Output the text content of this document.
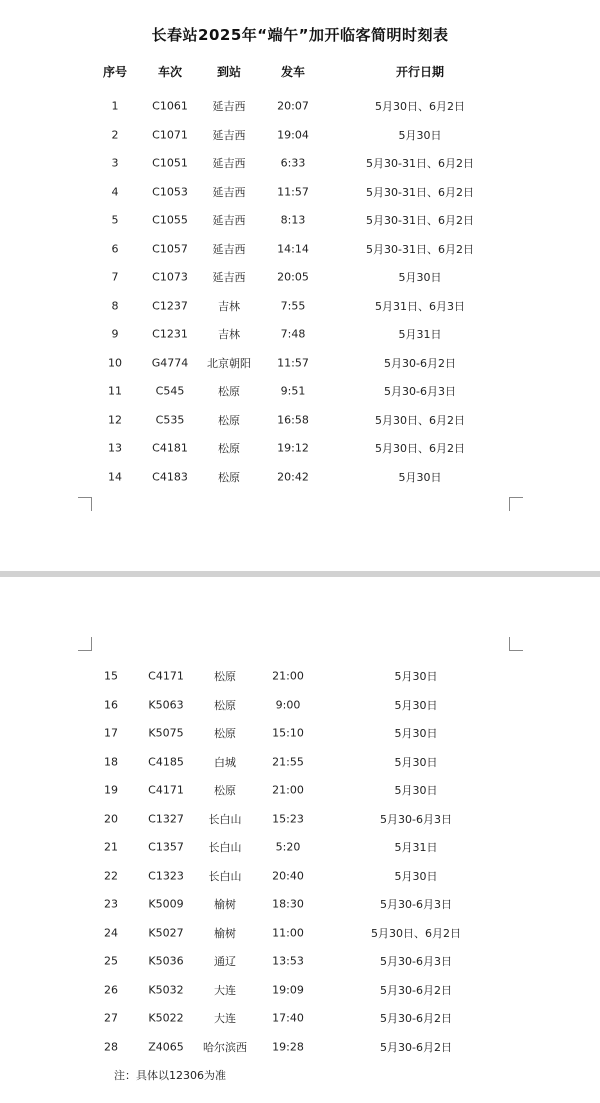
长春站2025年“端午”加开临客简明时刻表
序号	车次	到站	发车	开行日期
1	C1061 延吉西	20:07	5月30日、6月2日
2	C1071 延吉西	19:04	5月30日
3	C1051 延吉西	6:33	5月30-31日、6月2日
4	C1053 延吉西	11:57	5月30-31日、6月2日
5	C1055 延吉西	8:13	5月30-31日、6月2日
6	C1057 延吉西	14:14	5月30-31日、6月2日
7	C1073 延吉西	20:05	5月30日
8	C1237	吉林	7:55	5月31日、6月3日
9	C1231	吉林	7:48	5月31日
10	G4774 北京朝阳 11:57	5月30-6月2日
11	C545	松原	9:51	5月30-6月3日
12	C535	松原	16:58	5月30日、6月2日
13	C4181	松原	19:12	5月30日、6月2日
14	C4183	松原	20:42	5月30日
15	C4171	松原	21:00	5月30日
16	K5063	松原	9:00	5月30日
17	K5075	松原	15:10	5月30日
18	C4185	白城	21:55	5月30日
19	C4171	松原	21:00	5月30日
20	C1327 长白山	15:23	5月30-6月3日
21	C1357 长白山	5:20	5月31日
22	C1323 长白山	20:40	5月30日
23	K5009	榆树	18:30	5月30-6月3日
24	K5027	榆树	11:00	5月30日、6月2日
25	K5036	通辽	13:53	5月30-6月3日
26	K5032	大连	19:09	5月30-6月2日
27	K5022	大连	17:40	5月30-6月2日
28	Z4065 哈尔滨西 19:28	5月30-6月2日
注：具体以12306为准
